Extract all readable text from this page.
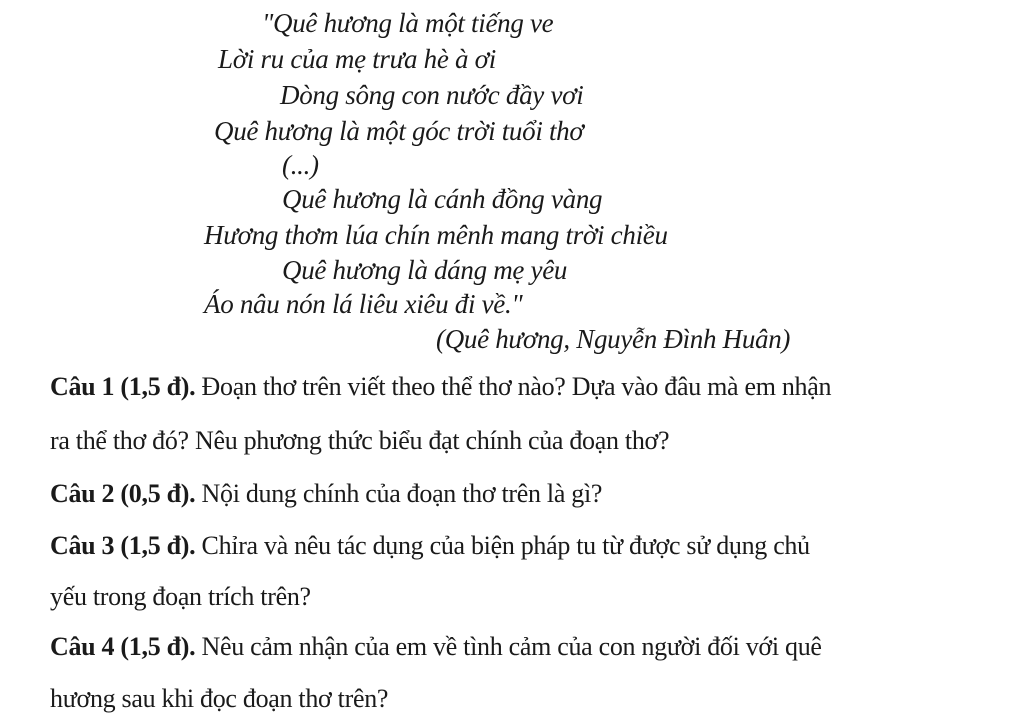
"Quê hương là một tiếng ve
Lời ru của mẹ trưa hè à ơi
Dòng sông con nước đầy vơi
Quê hương là một góc trời tuổi thơ
(...)
Quê hương là cánh đồng vàng
Hương thơm lúa chín mênh mang trời chiều
Quê hương là dáng mẹ yêu
Áo nâu nón lá liêu xiêu đi về."
(Quê hương, Nguyễn Đình Huân)
Câu 1 (1,5 đ). Đoạn thơ trên viết theo thể thơ nào? Dựa vào đâu mà em nhận
ra thể thơ đó? Nêu phương thức biểu đạt chính của đoạn thơ?
Câu 2 (0,5 đ). Nội dung chính của đoạn thơ trên là gì?
Câu 3 (1,5 đ). Chỉra và nêu tác dụng của biện pháp tu từ được sử dụng chủ
yếu trong đoạn trích trên?
Câu 4 (1,5 đ). Nêu cảm nhận của em về tình cảm của con người đối với quê
hương sau khi đọc đoạn thơ trên?
